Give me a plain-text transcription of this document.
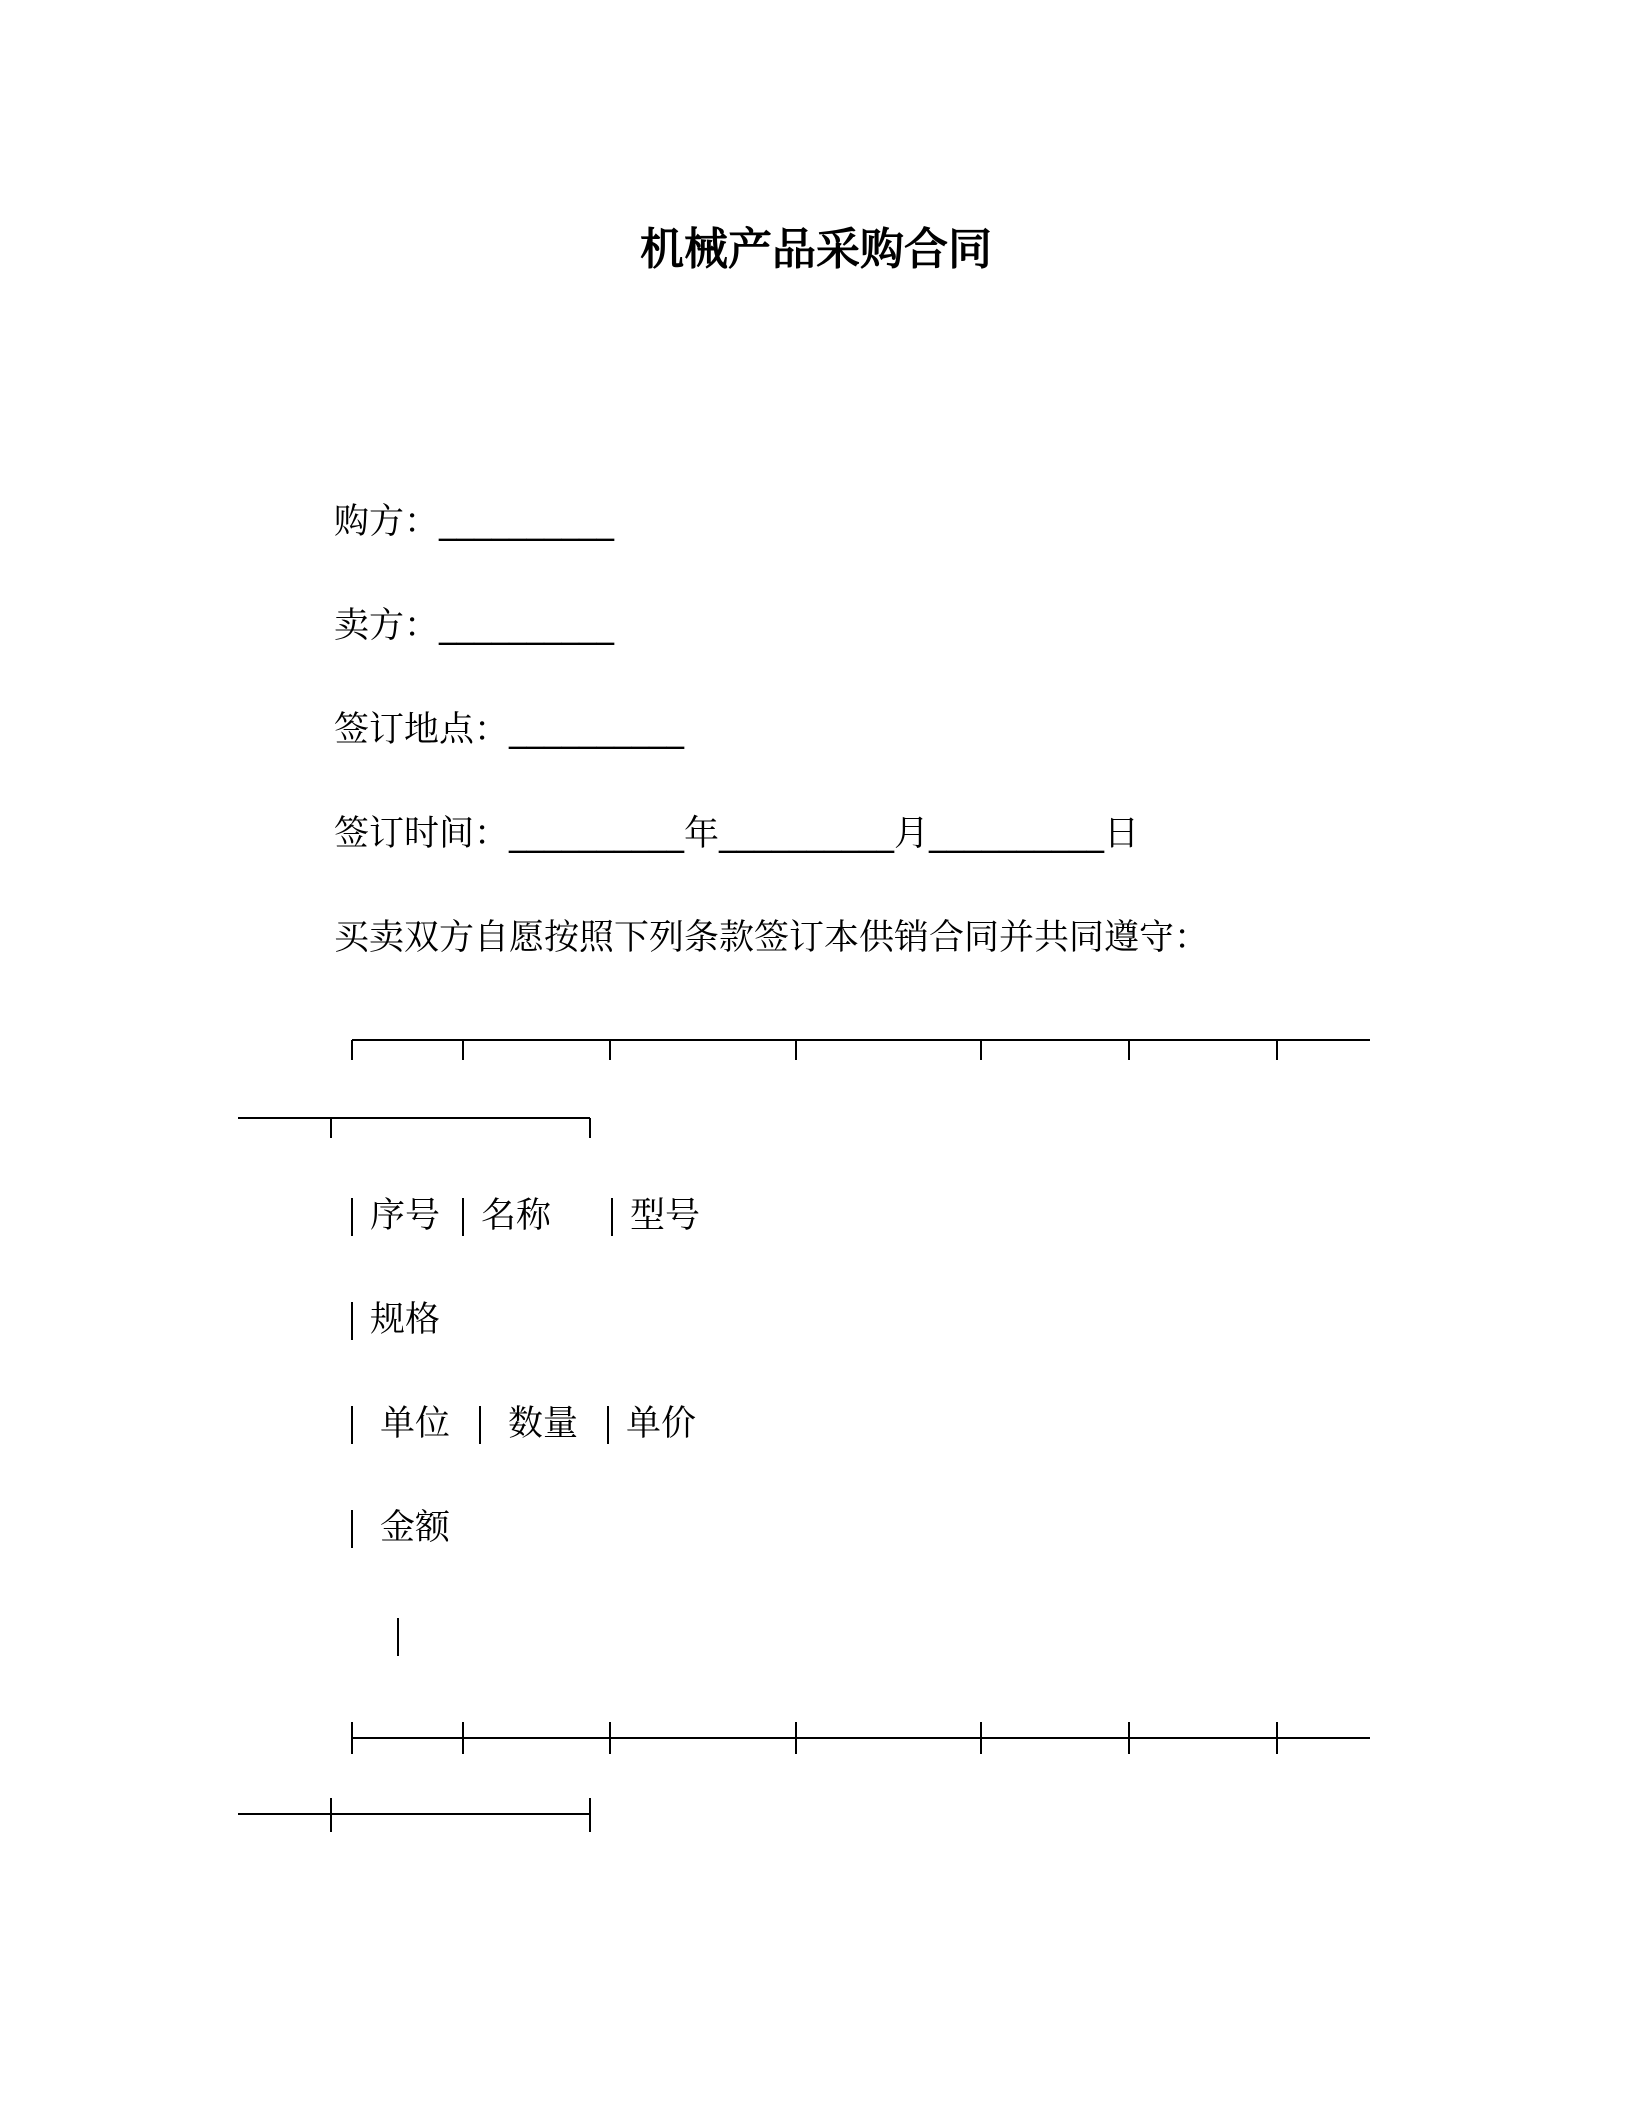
机械产品采购合同
购方：__________
卖方：__________
签订地点：__________
签订时间：__________年__________月__________日
买卖双方自愿按照下列条款签订本供销合同并共同遵守：
序号 名称 型号
规格
单位 数量 单价
金额
